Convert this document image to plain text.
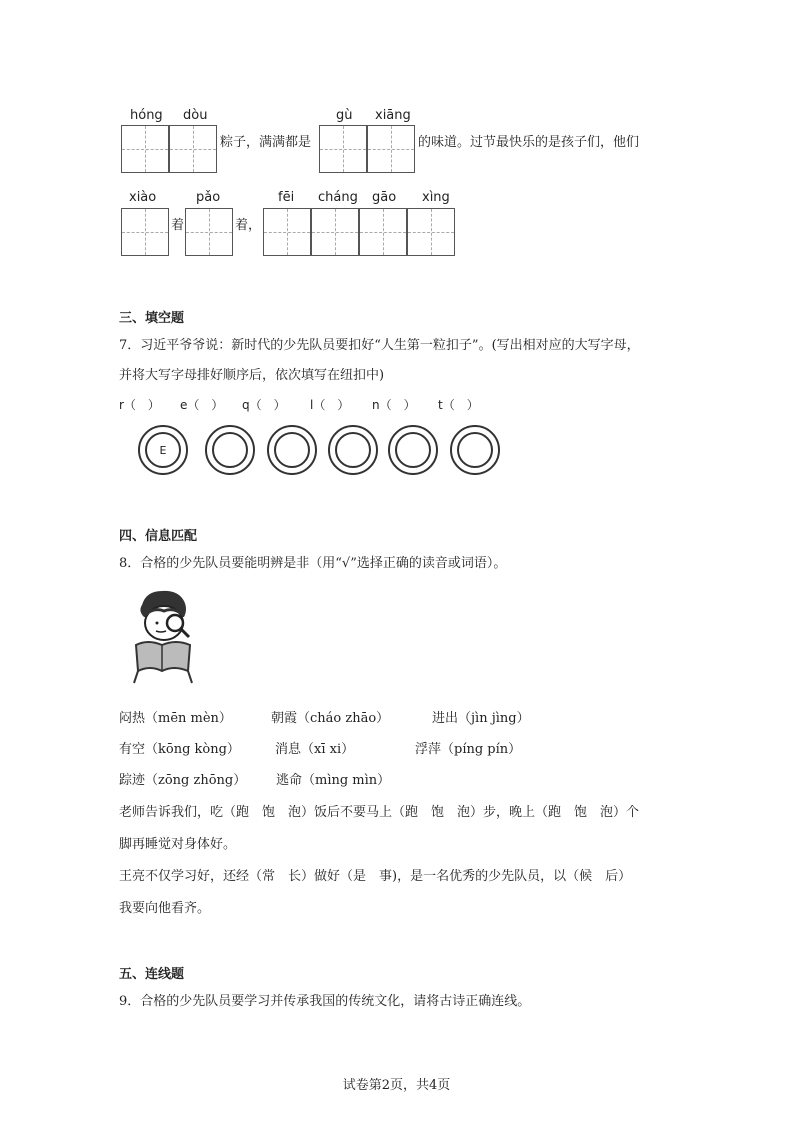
hóng dòu
粽子，满满都是
gù xiāng
的味道。过节最快乐的是孩子们，他们
xiào
着
pǎo
着，
fēi cháng gāo xìng
三、填空题
7．习近平爷爷说：新时代的少先队员要扣好“人生第一粒扣子”。(写出相对应的大写字母，
并将大写字母排好顺序后，依次填写在纽扣中)
r（　） e（　） q（　） l（　） n（　） t（　）
E
四、信息匹配
8．合格的少先队员要能明辨是非（用“√”选择正确的读音或词语）。
闷热（mēn mèn）	朝霞（cháo zhāo）	进出（jìn jìng）
有空（kōng kòng）	消息（xī xi）	浮萍（píng pín）
踪迹（zōng zhōng） 逃命（mìng mìn）
老师告诉我们，吃（跑　饱　泡）饭后不要马上（跑　饱　泡）步，晚上（跑　饱　泡）个
脚再睡觉对身体好。
王亮不仅学习好，还经（常　长）做好（是　事)，是一名优秀的少先队员，以（候　后）
我要向他看齐。
五、连线题
9．合格的少先队员要学习并传承我国的传统文化，请将古诗正确连线。
试卷第2页，共4页
